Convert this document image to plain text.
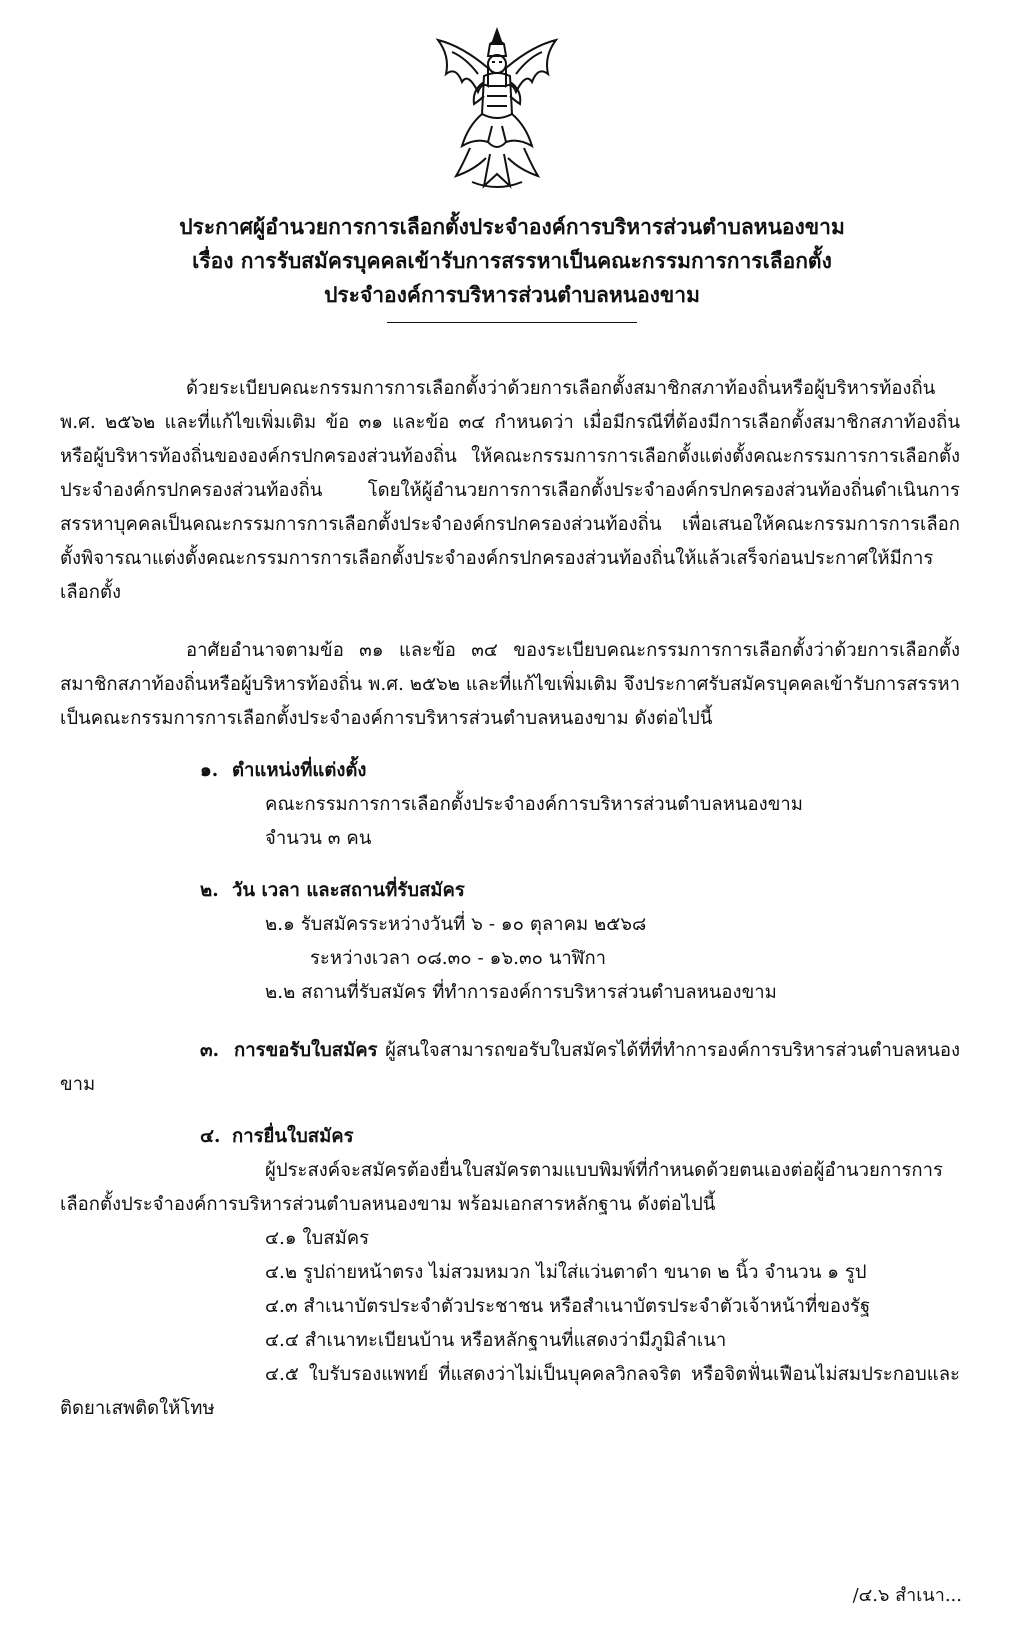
ประกาศผู้อำนวยการการเลือกตั้งประจำองค์การบริหารส่วนตำบลหนองขาม
เรื่อง การรับสมัครบุคคลเข้ารับการสรรหาเป็นคณะกรรมการการเลือกตั้ง
ประจำองค์การบริหารส่วนตำบลหนองขาม

ด้วยระเบียบคณะกรรมการการเลือกตั้งว่าด้วยการเลือกตั้งสมาชิกสภาท้องถิ่นหรือผู้บริหารท้องถิ่น พ.ศ. ๒๕๖๒ และที่แก้ไขเพิ่มเติม ข้อ ๓๑ และข้อ ๓๔ กำหนดว่า เมื่อมีกรณีที่ต้องมีการเลือกตั้งสมาชิกสภาท้องถิ่นหรือผู้บริหารท้องถิ่นขององค์กรปกครองส่วนท้องถิ่น ให้คณะกรรมการการเลือกตั้งแต่งตั้งคณะกรรมการการเลือกตั้งประจำองค์กรปกครองส่วนท้องถิ่น โดยให้ผู้อำนวยการการเลือกตั้งประจำองค์กรปกครองส่วนท้องถิ่นดำเนินการสรรหาบุคคลเป็นคณะกรรมการการเลือกตั้งประจำองค์กรปกครองส่วนท้องถิ่น เพื่อเสนอให้คณะกรรมการการเลือกตั้งพิจารณาแต่งตั้งคณะกรรมการการเลือกตั้งประจำองค์กรปกครองส่วนท้องถิ่นให้แล้วเสร็จก่อนประกาศให้มีการเลือกตั้ง

อาศัยอำนาจตามข้อ ๓๑ และข้อ ๓๔ ของระเบียบคณะกรรมการการเลือกตั้งว่าด้วยการเลือกตั้งสมาชิกสภาท้องถิ่นหรือผู้บริหารท้องถิ่น พ.ศ. ๒๕๖๒ และที่แก้ไขเพิ่มเติม จึงประกาศรับสมัครบุคคลเข้ารับการสรรหาเป็นคณะกรรมการการเลือกตั้งประจำองค์การบริหารส่วนตำบลหนองขาม ดังต่อไปนี้

๑. ตำแหน่งที่แต่งตั้ง

คณะกรรมการการเลือกตั้งประจำองค์การบริหารส่วนตำบลหนองขาม

จำนวน ๓ คน

๒. วัน เวลา และสถานที่รับสมัคร

๒.๑ รับสมัครระหว่างวันที่ ๖ - ๑๐ ตุลาคม ๒๕๖๘

ระหว่างเวลา ๐๘.๓๐ - ๑๖.๓๐ นาฬิกา

๒.๒ สถานที่รับสมัคร ที่ทำการองค์การบริหารส่วนตำบลหนองขาม

๓. การขอรับใบสมัคร ผู้สนใจสามารถขอรับใบสมัครได้ที่ที่ทำการองค์การบริหารส่วนตำบลหนองขาม

๔. การยื่นใบสมัคร

ผู้ประสงค์จะสมัครต้องยื่นใบสมัครตามแบบพิมพ์ที่กำหนดด้วยตนเองต่อผู้อำนวยการการเลือกตั้งประจำองค์การบริหารส่วนตำบลหนองขาม พร้อมเอกสารหลักฐาน ดังต่อไปนี้

๔.๑ ใบสมัคร

๔.๒ รูปถ่ายหน้าตรง ไม่สวมหมวก ไม่ใส่แว่นตาดำ ขนาด ๒ นิ้ว จำนวน ๑ รูป

๔.๓ สำเนาบัตรประจำตัวประชาชน หรือสำเนาบัตรประจำตัวเจ้าหน้าที่ของรัฐ

๔.๔ สำเนาทะเบียนบ้าน หรือหลักฐานที่แสดงว่ามีภูมิลำเนา

๔.๕ ใบรับรองแพทย์ ที่แสดงว่าไม่เป็นบุคคลวิกลจริต หรือจิตฟั่นเฟือนไม่สมประกอบและติดยาเสพติดให้โทษ

/๔.๖ สำเนา...
